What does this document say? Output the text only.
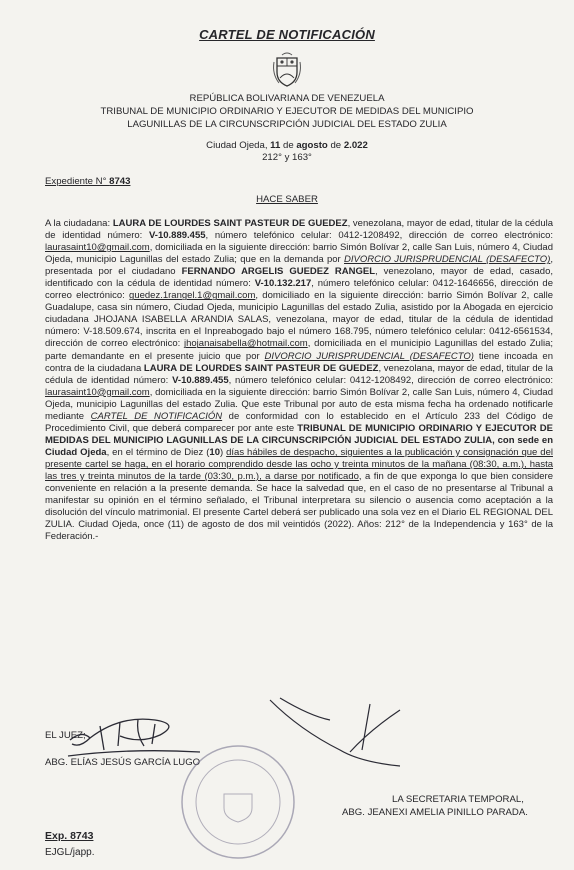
CARTEL DE NOTIFICACIÓN
REPÚBLICA BOLIVARIANA DE VENEZUELA
TRIBUNAL DE MUNICIPIO ORDINARIO Y EJECUTOR DE MEDIDAS DEL MUNICIPIO
LAGUNILLAS DE LA CIRCUNSCRIPCIÓN JUDICIAL DEL ESTADO ZULIA
Ciudad Ojeda, 11 de agosto de 2.022
212° y 163°
Expediente N° 8743
HACE SABER
A la ciudadana: LAURA DE LOURDES SAINT PASTEUR DE GUEDEZ, venezolana, mayor de edad, titular de la cédula de identidad número: V-10.889.455, número telefónico celular: 0412-1208492, dirección de correo electrónico: laurasaint10@gmail.com, domiciliada en la siguiente dirección: barrio Simón Bolívar 2, calle San Luis, número 4, Ciudad Ojeda, municipio Lagunillas del estado Zulia; que en la demanda por DIVORCIO JURISPRUDENCIAL (DESAFECTO), presentada por el ciudadano FERNANDO ARGELIS GUEDEZ RANGEL, venezolano, mayor de edad, casado, identificado con la cédula de identidad número: V-10.132.217, número telefónico celular: 0412-1646656, dirección de correo electrónico: guedez.1rangel.1@gmail.com, domiciliado en la siguiente dirección: barrio Simón Bolívar 2, calle Guadalupe, casa sin número, Ciudad Ojeda, municipio Lagunillas del estado Zulia, asistido por la Abogada en ejercicio ciudadana JHOJANA ISABELLA ARANDIA SALAS, venezolana, mayor de edad, titular de la cédula de identidad número: V-18.509.674, inscrita en el Inpreabogado bajo el número 168.795, número telefónico celular: 0412-6561534, dirección de correo electrónico: jhojanaisabella@hotmail.com, domiciliada en el municipio Lagunillas del estado Zulia; parte demandante en el presente juicio que por DIVORCIO JURISPRUDENCIAL (DESAFECTO) tiene incoada en contra de la ciudadana LAURA DE LOURDES SAINT PASTEUR DE GUEDEZ, venezolana, mayor de edad, titular de la cédula de identidad número: V-10.889.455, número telefónico celular: 0412-1208492, dirección de correo electrónico: laurasaint10@gmail.com, domiciliada en la siguiente dirección: barrio Simón Bolívar 2, calle San Luis, número 4, Ciudad Ojeda, municipio Lagunillas del estado Zulia. Que este Tribunal por auto de esta misma fecha ha ordenado notificarle mediante CARTEL DE NOTIFICACIÓN de conformidad con lo establecido en el Artículo 233 del Código de Procedimiento Civil, que deberá comparecer por ante este TRIBUNAL DE MUNICIPIO ORDINARIO Y EJECUTOR DE MEDIDAS DEL MUNICIPIO LAGUNILLAS DE LA CIRCUNSCRIPCIÓN JUDICIAL DEL ESTADO ZULIA, con sede en Ciudad Ojeda, en el término de Diez (10) días hábiles de despacho, siguientes a la publicación y consignación que del presente cartel se haga, en el horario comprendido desde las ocho y treinta minutos de la mañana (08:30, a.m.), hasta las tres y treinta minutos de la tarde (03:30, p.m.), a darse por notificado, a fin de que exponga lo que bien considere conveniente en relación a la presente demanda. Se hace la salvedad que, en el caso de no presentarse al Tribunal a manifestar su opinión en el término señalado, el Tribunal interpretara su silencio o ausencia como aceptación a la disolución del vínculo matrimonial. El presente Cartel deberá ser publicado una sola vez en el Diario EL REGIONAL DEL ZULIA. Ciudad Ojeda, once (11) de agosto de dos mil veintidós (2022). Años: 212° de la Independencia y 163° de la Federación.-
EL JUEZ;
ABG. ELÍAS JESÚS GARCÍA LUGO
LA SECRETARIA TEMPORAL,
ABG. JEANEXI AMELIA PINILLO PARADA.
Exp. 8743
EJGL/japp.
